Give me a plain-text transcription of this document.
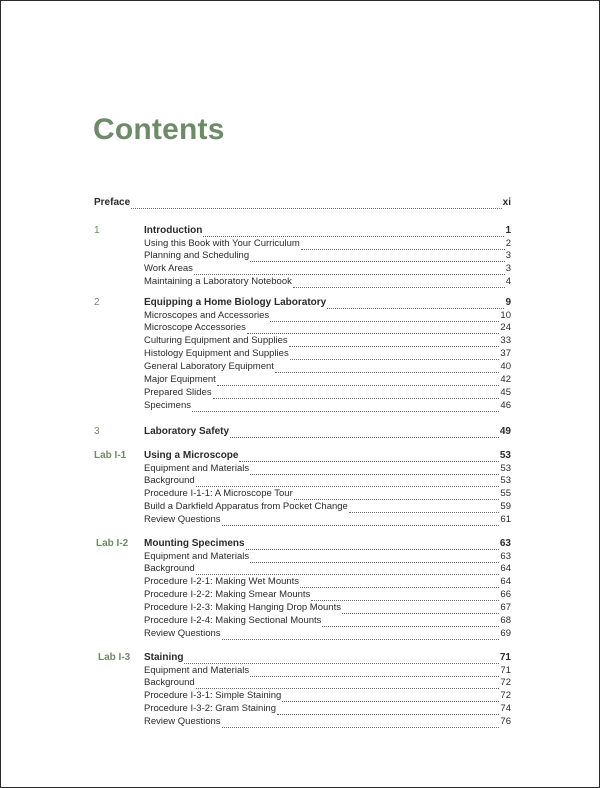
Contents
Preface	xi
1	Introduction	1
Using this Book with Your Curriculum	2
Planning and Scheduling	3
Work Areas	3
Maintaining a Laboratory Notebook	4
2	Equipping a Home Biology Laboratory	9
Microscopes and Accessories	10
Microscope Accessories	24
Culturing Equipment and Supplies	33
Histology Equipment and Supplies	37
General Laboratory Equipment	40
Major Equipment	42
Prepared Slides	45
Specimens	46
3	Laboratory Safety	49
Lab I-1 Using a Microscope	53
Equipment and Materials	53
Background	53
Procedure I-1-1: A Microscope Tour	55
Build a Darkfield Apparatus from Pocket Change	59
Review Questions	61
Lab I-2 Mounting Specimens	63
Equipment and Materials	63
Background	64
Procedure I-2-1: Making Wet Mounts	64
Procedure I-2-2: Making Smear Mounts	66
Procedure I-2-3: Making Hanging Drop Mounts	67
Procedure I-2-4: Making Sectional Mounts	68
Review Questions	69
Lab I-3 Staining	71
Equipment and Materials	71
Background	72
Procedure I-3-1: Simple Staining	72
Procedure I-3-2: Gram Staining	74
Review Questions	76
